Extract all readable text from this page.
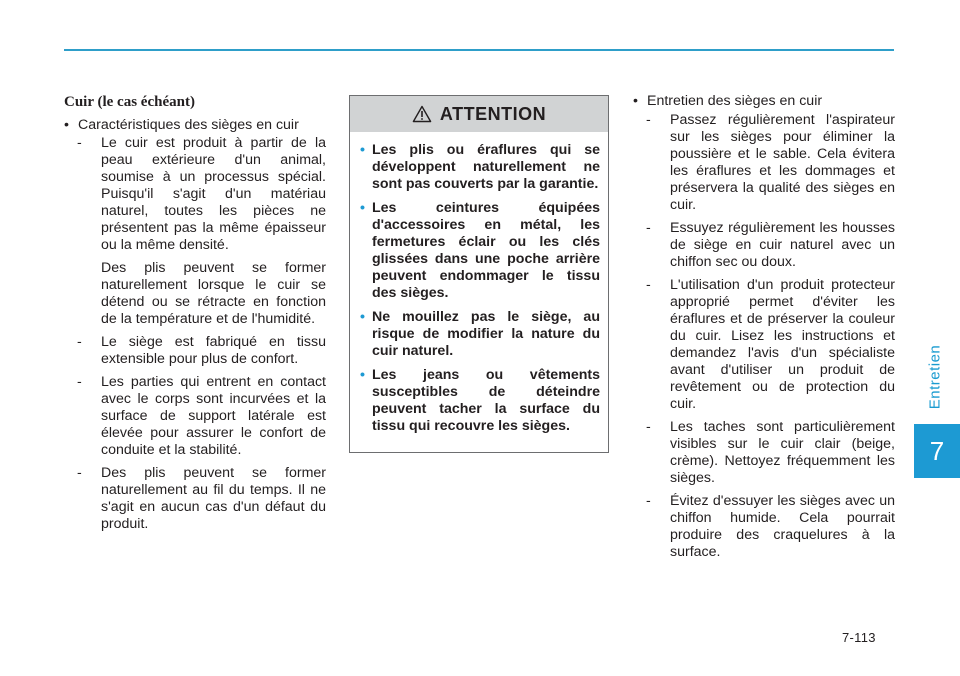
Cuir (le cas échéant)
• Caractéristiques des sièges en cuir
- Le cuir est produit à partir de la peau extérieure d'un animal, soumise à un processus spécial. Puisqu'il s'agit d'un matériau naturel, toutes les pièces ne présentent pas la même épaisseur ou la même densité.
Des plis peuvent se former naturellement lorsque le cuir se détend ou se rétracte en fonction de la température et de l'humidité.
- Le siège est fabriqué en tissu extensible pour plus de confort.
- Les parties qui entrent en contact avec le corps sont incurvées et la surface de support latérale est élevée pour assurer le confort de conduite et la stabilité.
- Des plis peuvent se former naturellement au fil du temps. Il ne s'agit en aucun cas d'un défaut du produit.
ATTENTION
• Les plis ou éraflures qui se développent naturellement ne sont pas couverts par la garantie.
• Les ceintures équipées d'accessoires en métal, les fermetures éclair ou les clés glissées dans une poche arrière peuvent endommager le tissu des sièges.
• Ne mouillez pas le siège, au risque de modifier la nature du cuir naturel.
• Les jeans ou vêtements susceptibles de déteindre peuvent tacher la surface du tissu qui recouvre les sièges.
• Entretien des sièges en cuir
- Passez régulièrement l'aspirateur sur les sièges pour éliminer la poussière et le sable. Cela évitera les éraflures et les dommages et préservera la qualité des sièges en cuir.
- Essuyez régulièrement les housses de siège en cuir naturel avec un chiffon sec ou doux.
- L'utilisation d'un produit protecteur approprié permet d'éviter les éraflures et de préserver la couleur du cuir. Lisez les instructions et demandez l'avis d'un spécialiste avant d'utiliser un produit de revêtement ou de protection du cuir.
- Les taches sont particulièrement visibles sur le cuir clair (beige, crème). Nettoyez fréquemment les sièges.
- Évitez d'essuyer les sièges avec un chiffon humide. Cela pourrait produire des craquelures à la surface.
Entretien
7
7-113
